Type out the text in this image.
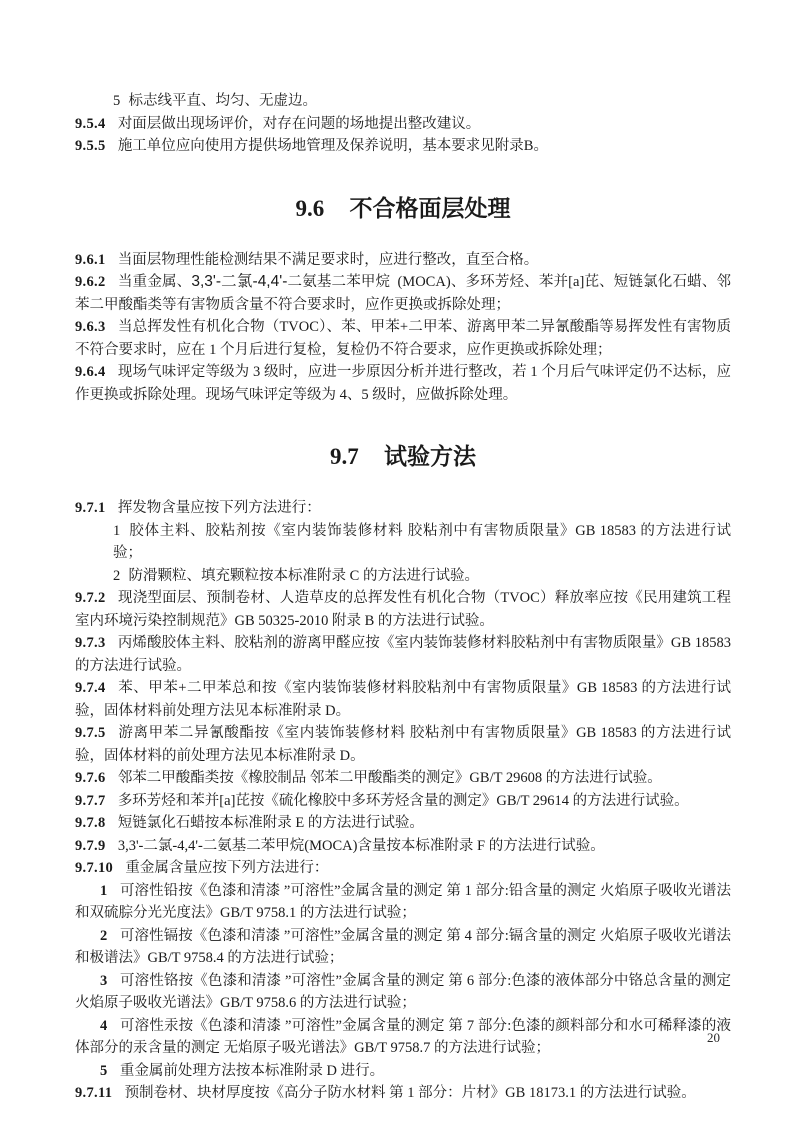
5 标志线平直、均匀、无虚边。
9.5.4 对面层做出现场评价，对存在问题的场地提出整改建议。
9.5.5 施工单位应向使用方提供场地管理及保养说明，基本要求见附录B。
9.6 不合格面层处理
9.6.1 当面层物理性能检测结果不满足要求时，应进行整改，直至合格。
9.6.2 当重金属、3,3'-二氯-4,4'-二氨基二苯甲烷 (MOCA)、多环芳烃、苯并[a]芘、短链氯化石蜡、邻苯二甲酸酯类等有害物质含量不符合要求时，应作更换或拆除处理；
9.6.3 当总挥发性有机化合物（TVOC）、苯、甲苯+二甲苯、游离甲苯二异氰酸酯等易挥发性有害物质不符合要求时，应在 1 个月后进行复检，复检仍不符合要求，应作更换或拆除处理；
9.6.4 现场气味评定等级为 3 级时，应进一步原因分析并进行整改，若 1 个月后气味评定仍不达标，应作更换或拆除处理。现场气味评定等级为 4、5 级时，应做拆除处理。
9.7 试验方法
9.7.1 挥发物含量应按下列方法进行：
1 胶体主料、胶粘剂按《室内装饰装修材料 胶粘剂中有害物质限量》GB 18583 的方法进行试验；
2 防滑颗粒、填充颗粒按本标准附录 C 的方法进行试验。
9.7.2 现浇型面层、预制卷材、人造草皮的总挥发性有机化合物（TVOC）释放率应按《民用建筑工程室内环境污染控制规范》GB 50325-2010 附录 B 的方法进行试验。
9.7.3 丙烯酸胶体主料、胶粘剂的游离甲醛应按《室内装饰装修材料胶粘剂中有害物质限量》GB 18583 的方法进行试验。
9.7.4 苯、甲苯+二甲苯总和按《室内装饰装修材料胶粘剂中有害物质限量》GB 18583 的方法进行试验，固体材料前处理方法见本标准附录 D。
9.7.5 游离甲苯二异氰酸酯按《室内装饰装修材料 胶粘剂中有害物质限量》GB 18583 的方法进行试验，固体材料的前处理方法见本标准附录 D。
9.7.6 邻苯二甲酸酯类按《橡胶制品 邻苯二甲酸酯类的测定》GB/T 29608 的方法进行试验。
9.7.7 多环芳烃和苯并[a]芘按《硫化橡胶中多环芳烃含量的测定》GB/T 29614 的方法进行试验。
9.7.8 短链氯化石蜡按本标准附录 E 的方法进行试验。
9.7.9 3,3'-二氯-4,4'-二氨基二苯甲烷(MOCA)含量按本标准附录 F 的方法进行试验。
9.7.10 重金属含量应按下列方法进行：
1 可溶性铅按《色漆和清漆 ”可溶性”金属含量的测定 第 1 部分:铅含量的测定 火焰原子吸收光谱法和双硫腙分光光度法》GB/T 9758.1 的方法进行试验；
2 可溶性镉按《色漆和清漆 ”可溶性”金属含量的测定 第 4 部分:镉含量的测定 火焰原子吸收光谱法和极谱法》GB/T 9758.4 的方法进行试验；
3 可溶性铬按《色漆和清漆 ”可溶性”金属含量的测定 第 6 部分:色漆的液体部分中铬总含量的测定 火焰原子吸收光谱法》GB/T 9758.6 的方法进行试验；
4 可溶性汞按《色漆和清漆 ”可溶性”金属含量的测定 第 7 部分:色漆的颜料部分和水可稀释漆的液体部分的汞含量的测定 无焰原子吸光谱法》GB/T 9758.7 的方法进行试验；
5 重金属前处理方法按本标准附录 D 进行。
9.7.11 预制卷材、块材厚度按《高分子防水材料 第 1 部分：片材》GB 18173.1 的方法进行试验。
20
